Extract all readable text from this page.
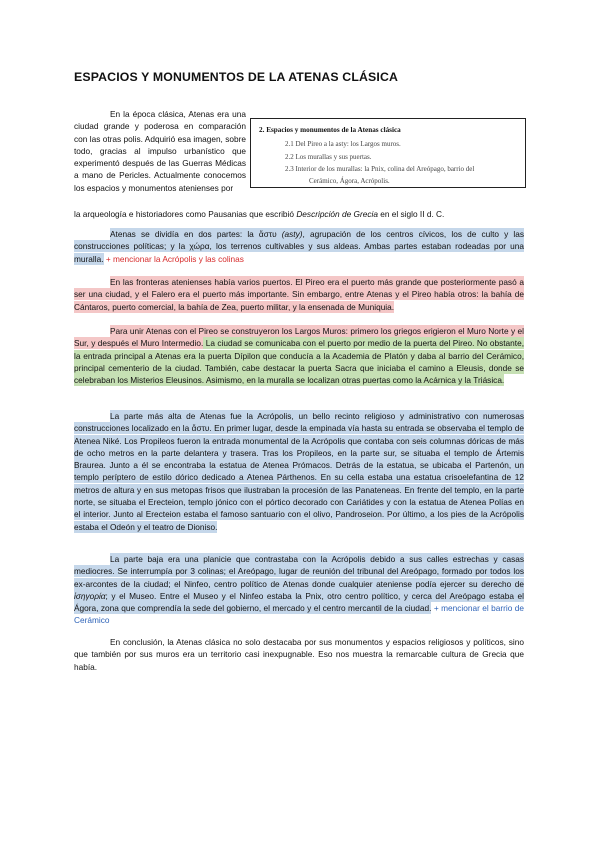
ESPACIOS Y MONUMENTOS DE LA ATENAS CLÁSICA

En la época clásica, Atenas era una ciudad grande y poderosa en comparación con las otras polis. Adquirió esa imagen, sobre todo, gracias al impulso urbanístico que experimentó después de las Guerras Médicas a mano de Pericles. Actualmente conocemos los espacios y monumentos atenienses por

2. Espacios y monumentos de la Atenas clásica
2.1 Del Pireo a la asty: los Largos muros.
2.2 Los murallas y sus puertas.
2.3 Interior de los murallas: la Pnix, colina del Areópago, barrio del
Cerámico, Ágora, Acrópolis.

la arqueología e historiadores como Pausanias que escribió Descripción de Grecia en el siglo II d. C.

Atenas se dividía en dos partes: la ἄστυ (asty), agrupación de los centros cívicos, los de culto y las construcciones políticas; y la χώρα, los terrenos cultivables y sus aldeas. Ambas partes estaban rodeadas por una muralla. + mencionar la Acrópolis y las colinas

En las fronteras atenienses había varios puertos. El Pireo era el puerto más grande que posteriormente pasó a ser una ciudad, y el Falero era el puerto más importante. Sin embargo, entre Atenas y el Pireo había otros: la bahía de Cántaros, puerto comercial, la bahía de Zea, puerto militar, y la ensenada de Muniquia.

Para unir Atenas con el Pireo se construyeron los Largos Muros: primero los griegos erigieron el Muro Norte y el Sur, y después el Muro Intermedio. La ciudad se comunicaba con el puerto por medio de la puerta del Pireo. No obstante, la entrada principal a Atenas era la puerta Dípilon que conducía a la Academia de Platón y daba al barrio del Cerámico, principal cementerio de la ciudad. También, cabe destacar la puerta Sacra que iniciaba el camino a Eleusis, donde se celebraban los Misterios Eleusinos. Asimismo, en la muralla se localizan otras puertas como la Acárnica y la Triásica.

La parte más alta de Atenas fue la Acrópolis, un bello recinto religioso y administrativo con numerosas construcciones localizado en la ἄστυ. En primer lugar, desde la empinada vía hasta su entrada se observaba el templo de Atenea Niké. Los Propileos fueron la entrada monumental de la Acrópolis que contaba con seis columnas dóricas de más de ocho metros en la parte delantera y trasera. Tras los Propileos, en la parte sur, se situaba el templo de Ártemis Braurea. Junto a él se encontraba la estatua de Atenea Prómacos. Detrás de la estatua, se ubicaba el Partenón, un templo períptero de estilo dórico dedicado a Atenea Párthenos. En su cella estaba una estatua crisoelefantina de 12 metros de altura y en sus metopas frisos que ilustraban la procesión de las Panateneas. En frente del templo, en la parte norte, se situaba el Erecteion, templo jónico con el pórtico decorado con Cariátides y con la estatua de Atenea Polías en el interior. Junto al Erecteion estaba el famoso santuario con el olivo, Pandroseion. Por último, a los pies de la Acrópolis estaba el Odeón y el teatro de Dioniso.

La parte baja era una planicie que contrastaba con la Acrópolis debido a sus calles estrechas y casas mediocres. Se interrumpía por 3 colinas; el Areópago, lugar de reunión del tribunal del Areópago, formado por todos los ex-arcontes de la ciudad; el Ninfeo, centro político de Atenas donde cualquier ateniense podía ejercer su derecho de ἰσηγορία; y el Museo. Entre el Museo y el Ninfeo estaba la Pnix, otro centro político, y cerca del Areópago estaba el Ágora, zona que comprendía la sede del gobierno, el mercado y el centro mercantil de la ciudad. + mencionar el barrio de Cerámico

En conclusión, la Atenas clásica no solo destacaba por sus monumentos y espacios religiosos y políticos, sino que también por sus muros era un territorio casi inexpugnable. Eso nos muestra la remarcable cultura de Grecia que había.
